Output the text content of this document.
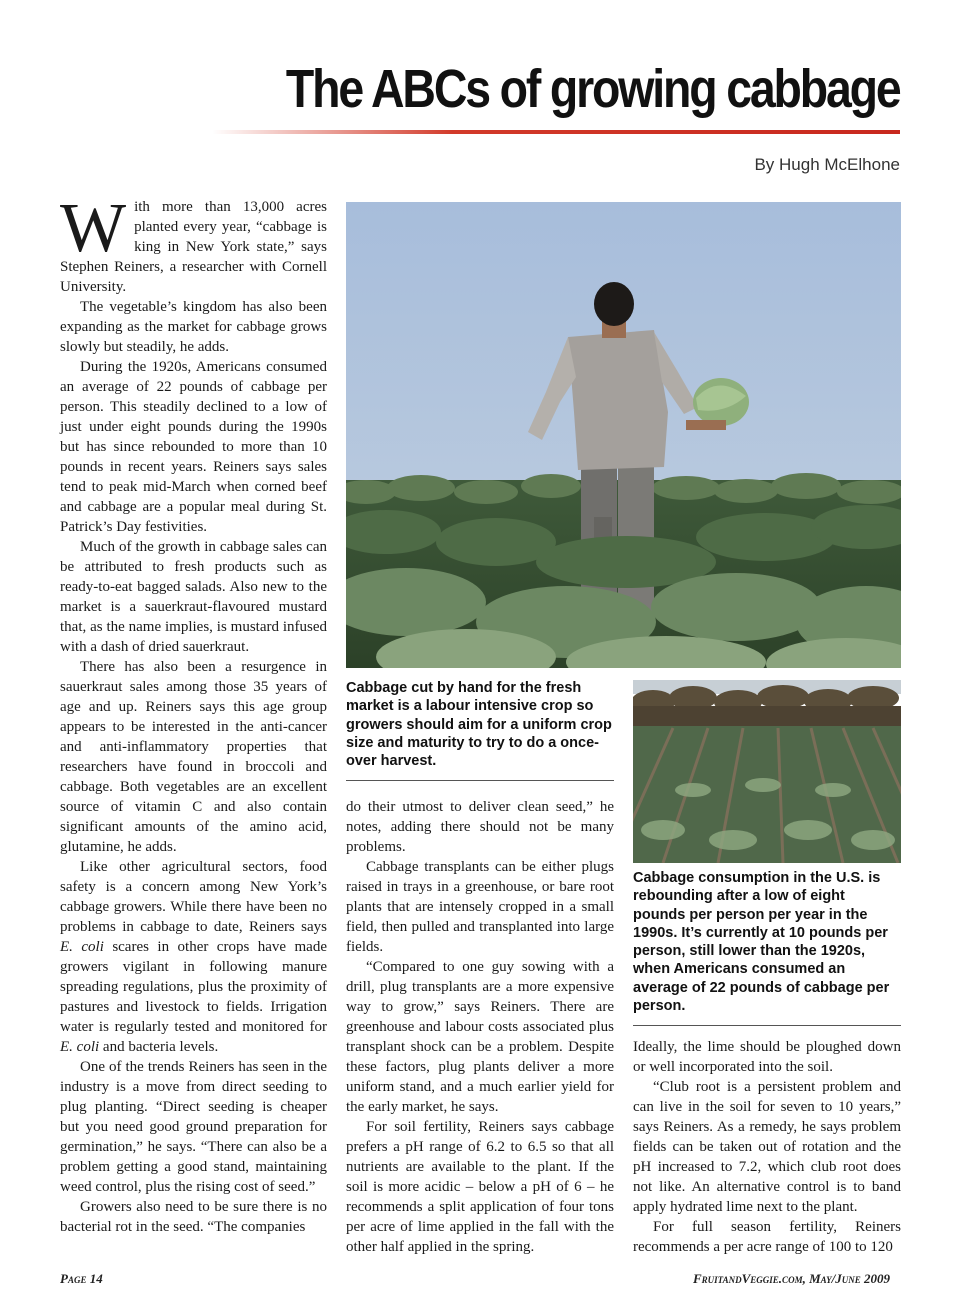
The ABCs of growing cabbage
By Hugh McElhone

With more than 13,000 acres planted every year, “cabbage is king in New York state,” says Stephen Reiners, a researcher with Cornell University.

The vegetable’s kingdom has also been expanding as the market for cabbage grows slowly but steadily, he adds.

During the 1920s, Americans consumed an average of 22 pounds of cabbage per person. This steadily declined to a low of just under eight pounds during the 1990s but has since rebounded to more than 10 pounds in recent years. Reiners says sales tend to peak mid-March when corned beef and cabbage are a popular meal during St. Patrick’s Day festivities.

Much of the growth in cabbage sales can be attributed to fresh products such as ready-to-eat bagged salads. Also new to the market is a sauerkraut-flavoured mustard that, as the name implies, is mustard infused with a dash of dried sauerkraut.

There has also been a resurgence in sauerkraut sales among those 35 years of age and up. Reiners says this age group appears to be interested in the anti-cancer and anti-inflammatory properties that researchers have found in broccoli and cabbage. Both vegetables are an excellent source of vitamin C and also contain significant amounts of the amino acid, glutamine, he adds.

Like other agricultural sectors, food safety is a concern among New York’s cabbage growers. While there have been no problems in cabbage to date, Reiners says E. coli scares in other crops have made growers vigilant in following manure spreading regulations, plus the proximity of pastures and livestock to fields. Irrigation water is regularly tested and monitored for E. coli and bacteria levels.

One of the trends Reiners has seen in the industry is a move from direct seeding to plug planting. “Direct seeding is cheaper but you need good ground preparation for germination,” he says. “There can also be a problem getting a good stand, maintaining weed control, plus the rising cost of seed.”

Growers also need to be sure there is no bacterial rot in the seed. “The companies

Cabbage cut by hand for the fresh market is a labour intensive crop so growers should aim for a uniform crop size and maturity to try to do a once-over harvest.
Cabbage consumption in the U.S. is rebounding after a low of eight pounds per person per year in the 1990s. It’s currently at 10 pounds per person, still lower than the 1920s, when Americans consumed an average of 22 pounds of cabbage per person.

do their utmost to deliver clean seed,” he notes, adding there should not be many problems.

Cabbage transplants can be either plugs raised in trays in a greenhouse, or bare root plants that are intensely cropped in a small field, then pulled and transplanted into large fields.

“Compared to one guy sowing with a drill, plug transplants are a more expensive way to grow,” says Reiners. There are greenhouse and labour costs associated plus transplant shock can be a problem. Despite these factors, plug plants deliver a more uniform stand, and a much earlier yield for the early market, he says.

For soil fertility, Reiners says cabbage prefers a pH range of 6.2 to 6.5 so that all nutrients are available to the plant. If the soil is more acidic – below a pH of 6 – he recommends a split application of four tons per acre of lime applied in the fall with the other half applied in the spring.

Ideally, the lime should be ploughed down or well incorporated into the soil.

“Club root is a persistent problem and can live in the soil for seven to 10 years,” says Reiners. As a remedy, he says problem fields can be taken out of rotation and the pH increased to 7.2, which club root does not like. An alternative control is to band apply hydrated lime next to the plant.

For full season fertility, Reiners recommends a per acre range of 100 to 120

Page 14	FruitandVeggie.com, May/June 2009
